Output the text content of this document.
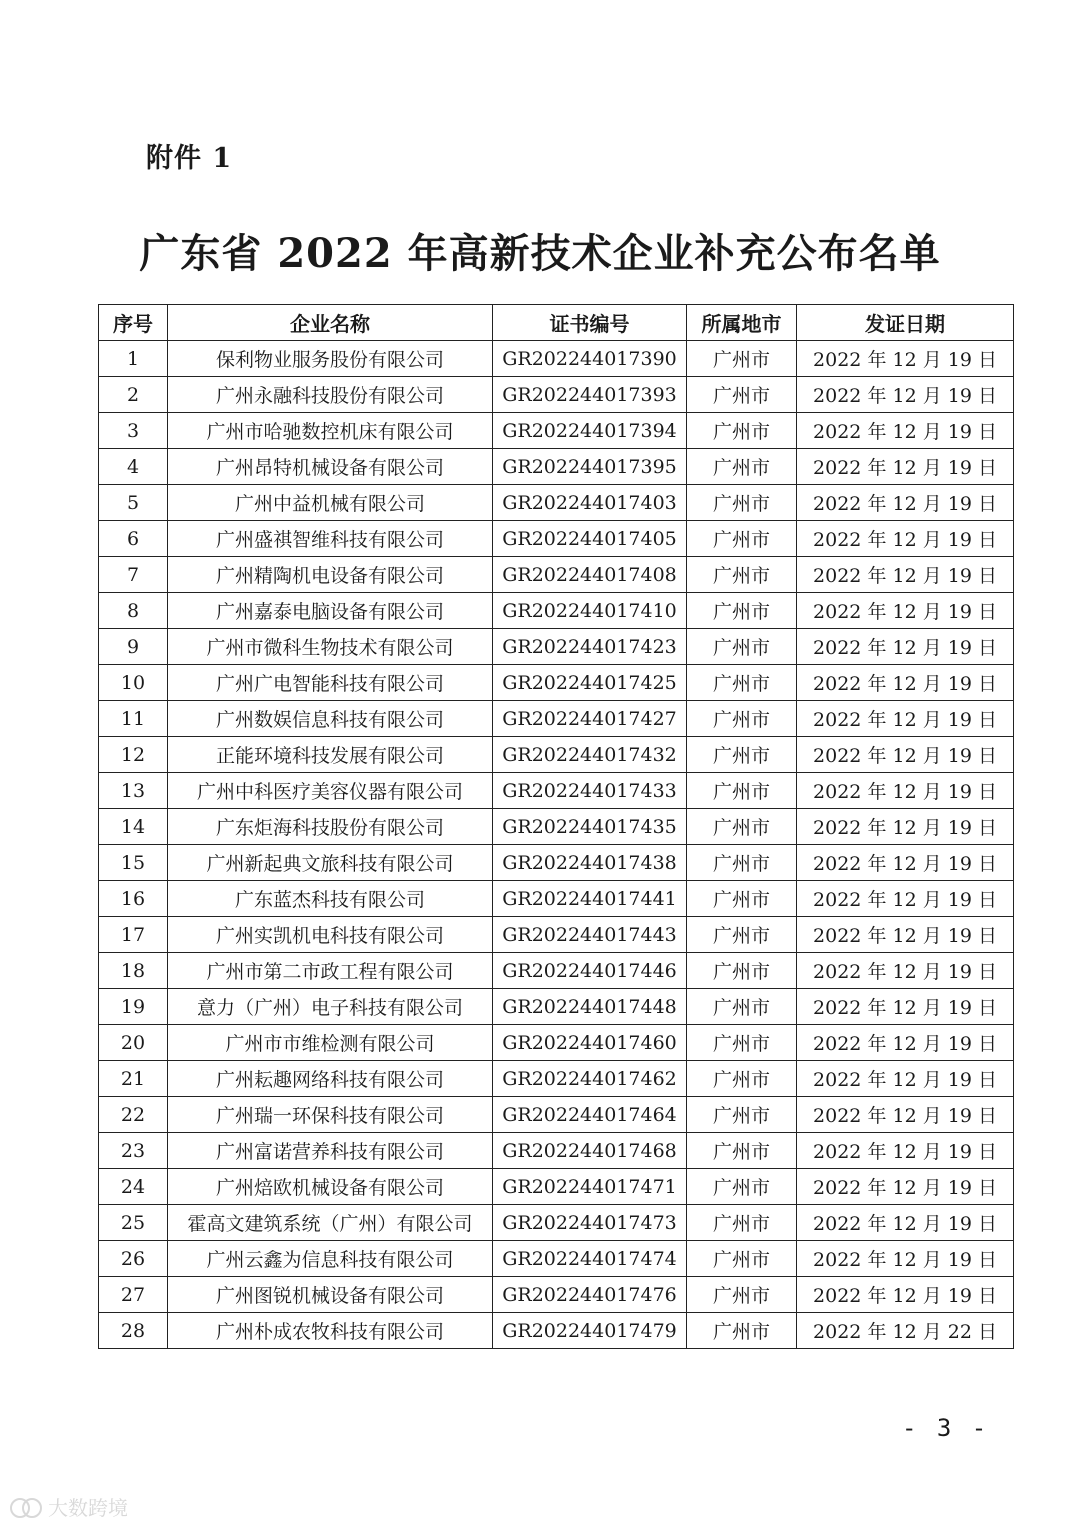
附件 1
广东省 2022 年高新技术企业补充公布名单
序号	企业名称	证书编号	所属地市	发证日期
1	保利物业服务股份有限公司	GR202244017390	广州市	2022 年 12 月 19 日
2	广州永融科技股份有限公司	GR202244017393	广州市	2022 年 12 月 19 日
3	广州市哈驰数控机床有限公司	GR202244017394	广州市	2022 年 12 月 19 日
4	广州昂特机械设备有限公司	GR202244017395	广州市	2022 年 12 月 19 日
5	广州中益机械有限公司	GR202244017403	广州市	2022 年 12 月 19 日
6	广州盛祺智维科技有限公司	GR202244017405	广州市	2022 年 12 月 19 日
7	广州精陶机电设备有限公司	GR202244017408	广州市	2022 年 12 月 19 日
8	广州嘉泰电脑设备有限公司	GR202244017410	广州市	2022 年 12 月 19 日
9	广州市微科生物技术有限公司	GR202244017423	广州市	2022 年 12 月 19 日
10	广州广电智能科技有限公司	GR202244017425	广州市	2022 年 12 月 19 日
11	广州数娱信息科技有限公司	GR202244017427	广州市	2022 年 12 月 19 日
12	正能环境科技发展有限公司	GR202244017432	广州市	2022 年 12 月 19 日
13	广州中科医疗美容仪器有限公司	GR202244017433	广州市	2022 年 12 月 19 日
14	广东炬海科技股份有限公司	GR202244017435	广州市	2022 年 12 月 19 日
15	广州新起典文旅科技有限公司	GR202244017438	广州市	2022 年 12 月 19 日
16	广东蓝杰科技有限公司	GR202244017441	广州市	2022 年 12 月 19 日
17	广州实凯机电科技有限公司	GR202244017443	广州市	2022 年 12 月 19 日
18	广州市第二市政工程有限公司	GR202244017446	广州市	2022 年 12 月 19 日
19	意力（广州）电子科技有限公司	GR202244017448	广州市	2022 年 12 月 19 日
20	广州市市维检测有限公司	GR202244017460	广州市	2022 年 12 月 19 日
21	广州耘趣网络科技有限公司	GR202244017462	广州市	2022 年 12 月 19 日
22	广州瑞一环保科技有限公司	GR202244017464	广州市	2022 年 12 月 19 日
23	广州富诺营养科技有限公司	GR202244017468	广州市	2022 年 12 月 19 日
24	广州焙欧机械设备有限公司	GR202244017471	广州市	2022 年 12 月 19 日
25	霍高文建筑系统（广州）有限公司	GR202244017473	广州市	2022 年 12 月 19 日
26	广州云鑫为信息科技有限公司	GR202244017474	广州市	2022 年 12 月 19 日
27	广州图锐机械设备有限公司	GR202244017476	广州市	2022 年 12 月 19 日
28	广州朴成农牧科技有限公司	GR202244017479	广州市	2022 年 12 月 22 日
- 3 -
大数跨境
